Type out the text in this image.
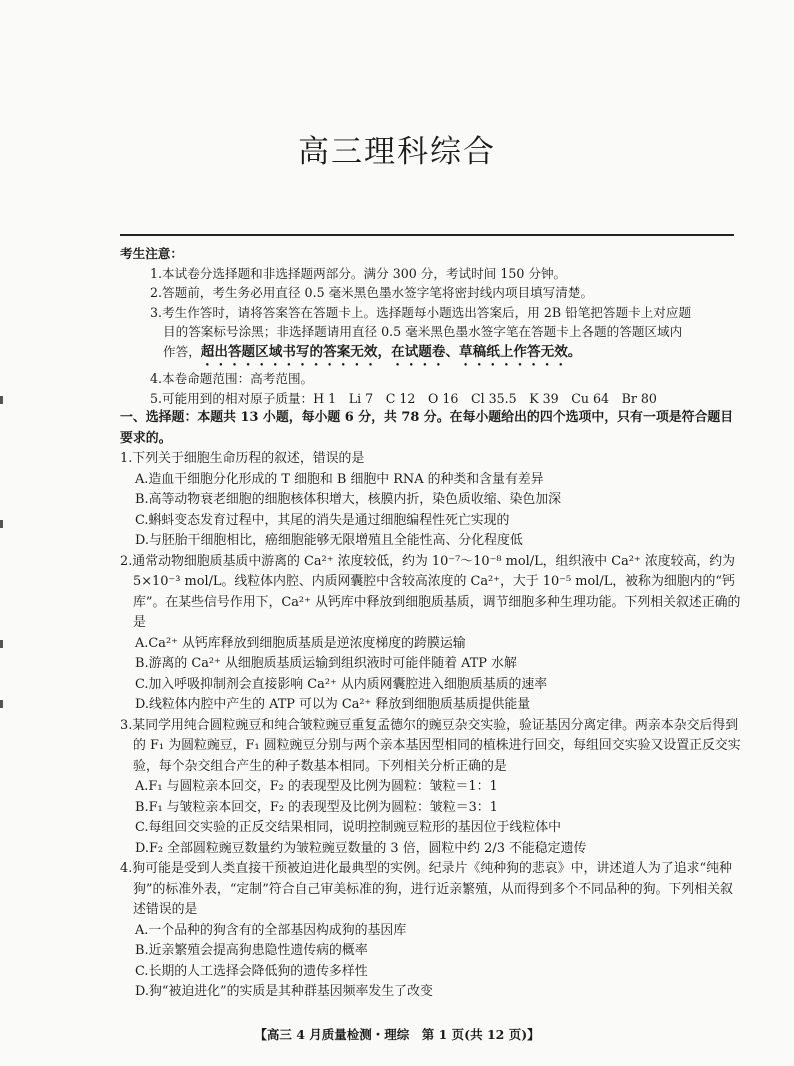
高三理科综合
考生注意：
1.本试卷分选择题和非选择题两部分。满分 300 分，考试时间 150 分钟。
2.答题前，考生务必用直径 0.5 毫米黑色墨水签字笔将密封线内项目填写清楚。
3.考生作答时，请将答案答在答题卡上。选择题每小题选出答案后，用 2B 铅笔把答题卡上对应题
目的答案标号涂黑；非选择题请用直径 0.5 毫米黑色墨水签字笔在答题卡上各题的答题区域内
作答，超出答题区域书写的答案无效，在试题卷、草稿纸上作答无效。
4.本卷命题范围：高考范围。
5.可能用到的相对原子质量：H 1　Li 7　C 12　O 16　Cl 35.5　K 39　Cu 64　Br 80
一、选择题：本题共 13 小题，每小题 6 分，共 78 分。在每小题给出的四个选项中，只有一项是符合题目要求的。
1.下列关于细胞生命历程的叙述，错误的是
A.造血干细胞分化形成的 T 细胞和 B 细胞中 RNA 的种类和含量有差异
B.高等动物衰老细胞的细胞核体积增大，核膜内折，染色质收缩、染色加深
C.蝌蚪变态发育过程中，其尾的消失是通过细胞编程性死亡实现的
D.与胚胎干细胞相比，癌细胞能够无限增殖且全能性高、分化程度低
2.通常动物细胞质基质中游离的 Ca²⁺ 浓度较低，约为 10⁻⁷～10⁻⁸ mol/L，组织液中 Ca²⁺ 浓度较高，约为 5×10⁻³ mol/L。线粒体内腔、内质网囊腔中含较高浓度的 Ca²⁺，大于 10⁻⁵ mol/L，被称为细胞内的“钙库”。在某些信号作用下，Ca²⁺ 从钙库中释放到细胞质基质，调节细胞多种生理功能。下列相关叙述正确的是
A.Ca²⁺ 从钙库释放到细胞质基质是逆浓度梯度的跨膜运输
B.游离的 Ca²⁺ 从细胞质基质运输到组织液时可能伴随着 ATP 水解
C.加入呼吸抑制剂会直接影响 Ca²⁺ 从内质网囊腔进入细胞质基质的速率
D.线粒体内腔中产生的 ATP 可以为 Ca²⁺ 释放到细胞质基质提供能量
3.某同学用纯合圆粒豌豆和纯合皱粒豌豆重复孟德尔的豌豆杂交实验，验证基因分离定律。两亲本杂交后得到的 F₁ 为圆粒豌豆，F₁ 圆粒豌豆分别与两个亲本基因型相同的植株进行回交，每组回交实验又设置正反交实验，每个杂交组合产生的种子数基本相同。下列相关分析正确的是
A.F₁ 与圆粒亲本回交，F₂ 的表现型及比例为圆粒：皱粒＝1：1
B.F₁ 与皱粒亲本回交，F₂ 的表现型及比例为圆粒：皱粒＝3：1
C.每组回交实验的正反交结果相同，说明控制豌豆粒形的基因位于线粒体中
D.F₂ 全部圆粒豌豆数量约为皱粒豌豆数量的 3 倍，圆粒中约 2/3 不能稳定遗传
4.狗可能是受到人类直接干预被迫进化最典型的实例。纪录片《纯种狗的悲哀》中，讲述道人为了追求“纯种狗”的标准外表，“定制”符合自己审美标准的狗，进行近亲繁殖，从而得到多个不同品种的狗。下列相关叙述错误的是
A.一个品种的狗含有的全部基因构成狗的基因库
B.近亲繁殖会提高狗患隐性遗传病的概率
C.长期的人工选择会降低狗的遗传多样性
D.狗“被迫进化”的实质是其种群基因频率发生了改变
【高三 4 月质量检测・理综　第 1 页(共 12 页)】
